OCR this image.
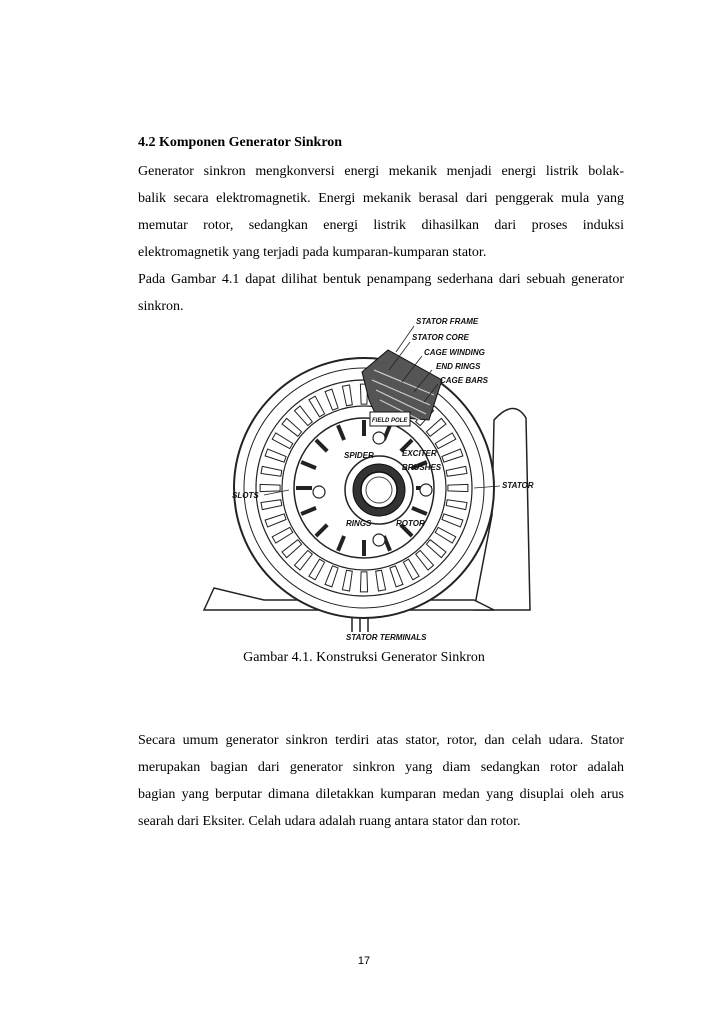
4.2 Komponen Generator Sinkron
Generator sinkron mengkonversi energi mekanik menjadi energi listrik bolak-
balik secara elektromagnetik. Energi mekanik berasal dari penggerak mula yang
memutar rotor, sedangkan energi listrik dihasilkan dari proses induksi
elektromagnetik yang terjadi pada kumparan-kumparan stator.
Pada Gambar 4.1 dapat dilihat bentuk penampang sederhana dari sebuah generator
sinkron.
STATOR FRAME
STATOR CORE
CAGE WINDING
END RINGS
CAGE BARS
FIELD POLE
SPIDER	EXCITER
BRUSHES
SLOTS
STATOR
RINGS	ROTOR
STATOR TERMINALS
Gambar 4.1. Konstruksi Generator Sinkron
Secara umum generator sinkron terdiri atas stator, rotor, dan celah udara. Stator
merupakan bagian dari generator sinkron yang diam sedangkan rotor adalah
bagian yang berputar dimana diletakkan kumparan medan yang disuplai oleh arus
searah dari Eksiter. Celah udara adalah ruang antara stator dan rotor.
17
